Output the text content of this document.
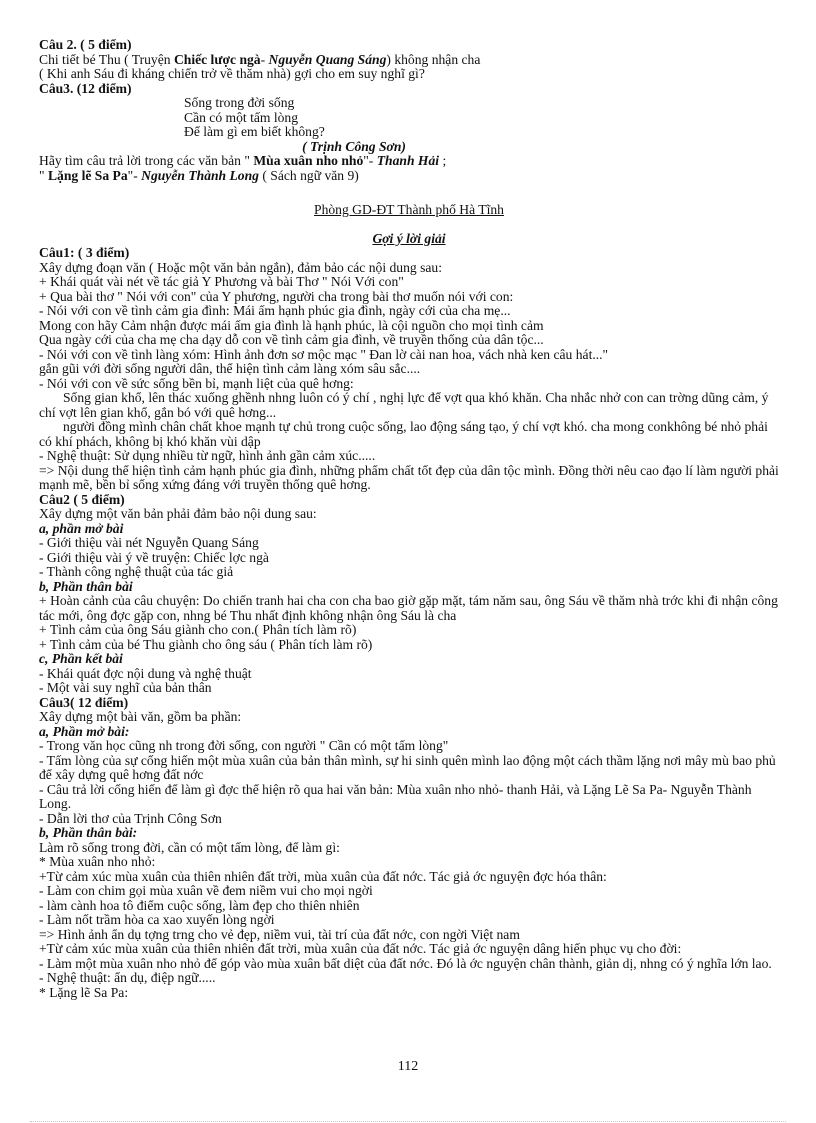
Câu 2. ( 5 điểm)
Chi tiết bé Thu ( Truyện Chiếc lược ngà- Nguyễn Quang Sáng) không nhận cha
( Khi anh Sáu đi kháng chiến trở về thăm nhà) gợi cho em suy nghĩ gì?
Câu3. (12 điểm)
Sống trong đời sống
Cần có một tấm lòng
Để làm gì em biết không?
( Trịnh Công Sơn)
Hãy tìm câu trả lời trong các văn bản " Mùa xuân nho nhỏ"- Thanh Hải ;
" Lặng lẽ Sa Pa"- Nguyễn Thành Long ( Sách ngữ văn 9)
Phòng GD-ĐT Thành phố Hà Tĩnh
Gợi ý lời giải
Câu1: ( 3 điểm)
Xây dựng đoạn văn ( Hoặc một văn bản ngắn), đảm bảo các nội dung sau:
+ Khái quát vài nét về tác giả Y Phương và bài Thơ " Nói Với con"
+ Qua bài thơ " Nói với con" của Y phương, người cha trong bài thơ muốn nói với con:
- Nói với con về tình cảm gia đình: Mái ấm hạnh phúc gia đình, ngày cới của cha mẹ...
Mong con hãy Cảm nhận được mái ấm gia đình là hạnh phúc, là cội nguồn cho mọi tình cảm
Qua ngày cới của cha mẹ cha dạy dỗ con về tình cảm gia đình, về truyền thống của dân tộc...
- Nói với con về tình làng xóm: Hình ảnh đơn sơ mộc mạc " Đan lờ cài nan hoa, vách nhà ken câu hát..."
gắn gũi với đời sống người dân, thể hiện tình cảm làng xóm sâu sắc....
- Nói với con về sức sống bền bỉ, mạnh liệt của quê hơng:
Sống gian khổ, lên thác xuống ghềnh nhng luôn có ý chí , nghị lực để vợt qua khó khăn. Cha nhắc nhở con can trờng dũng cảm, ý chí vợt lên gian khổ, gắn bó với quê hơng...
người đồng mình chân chất khoe mạnh tự chủ trong cuộc sống, lao động sáng tạo, ý chí vợt khó. cha mong conkhông bé nhỏ phải có khí phách, không bị khó khăn vùi dập
- Nghệ thuật: Sử dụng nhiều từ ngữ, hình ảnh gần cảm xúc.....
=> Nội dung thể hiện tình cảm hạnh phúc gia đình, những phẩm chất tốt đẹp của dân tộc mình. Đồng thời nêu cao đạo lí làm người phải mạnh mẽ, bền bỉ sống xứng đáng với truyền thống quê hơng.
Câu2 ( 5 điểm)
Xây dựng một văn bản phải đảm bảo nội dung sau:
a, phần mở bài
- Giới thiệu vài nét Nguyễn Quang Sáng
- Giới thiệu vài ý về truyện: Chiếc lợc ngà
- Thành công nghệ thuật của tác giả
b, Phần thân bài
+ Hoàn cảnh của câu chuyện: Do chiến tranh hai cha con cha bao giờ gặp mặt, tám năm sau, ông Sáu về thăm nhà trớc khi đi nhận công tác mới, ông đợc gặp con, nhng bé Thu nhất định không nhận ông Sáu là cha
+ Tình cảm của ông Sáu giành cho con.( Phân tích làm rõ)
+ Tình cảm của bé Thu giành cho ông sáu ( Phân tích làm rõ)
c, Phần kết bài
- Khái quát đợc nội dung và nghệ thuật
- Một vài suy nghĩ của bản thân
Câu3( 12 điểm)
Xây dựng một bài văn, gồm ba phần:
a, Phần mở bài:
- Trong văn học cũng nh trong đời sống, con người " Cần có một tấm lòng"
- Tấm lòng của sự cống hiến một mùa xuân của bản thân mình, sự hi sinh quên mình lao động một cách thầm lặng nơi mây mù bao phủ để xây dựng quê hơng đất nớc
- Câu trả lời cống hiến để làm gì đợc thể hiện rõ qua hai văn bản: Mùa xuân nho nhỏ- thanh Hải, và Lặng Lẽ Sa Pa- Nguyễn Thành Long.
- Dẫn lời thơ của Trịnh Công Sơn
b, Phần thân bài:
Làm rõ sống trong đời, cần có một tấm lòng, để làm gì:
* Mùa xuân nho nhỏ:
+Từ cảm xúc mùa xuân của thiên nhiên đất trời, mùa xuân của đất nớc. Tác giả ớc nguyện đợc hóa thân:
- Làm con chim gọi mùa xuân về đem niềm vui cho mọi ngời
- làm cành hoa tô điểm cuộc sống, làm đẹp cho thiên nhiên
- Làm nốt trầm hòa ca xao xuyến lòng ngời
=> Hình ảnh ẩn dụ tợng trng cho vẻ đẹp, niềm vui, tài trí của đất nớc, con ngời Việt nam
+Từ cảm xúc mùa xuân của thiên nhiên đất trời, mùa xuân của đất nớc. Tác giả ớc nguyện dâng hiến phục vụ cho đời:
- Làm một mùa xuân nho nhỏ để góp vào mùa xuân bất diệt của đất nớc. Đó là ớc nguyện chân thành, giản dị, nhng có ý nghĩa lớn lao.
- Nghệ thuật: ẩn dụ, điệp ngữ.....
* Lặng lẽ Sa Pa:
112
